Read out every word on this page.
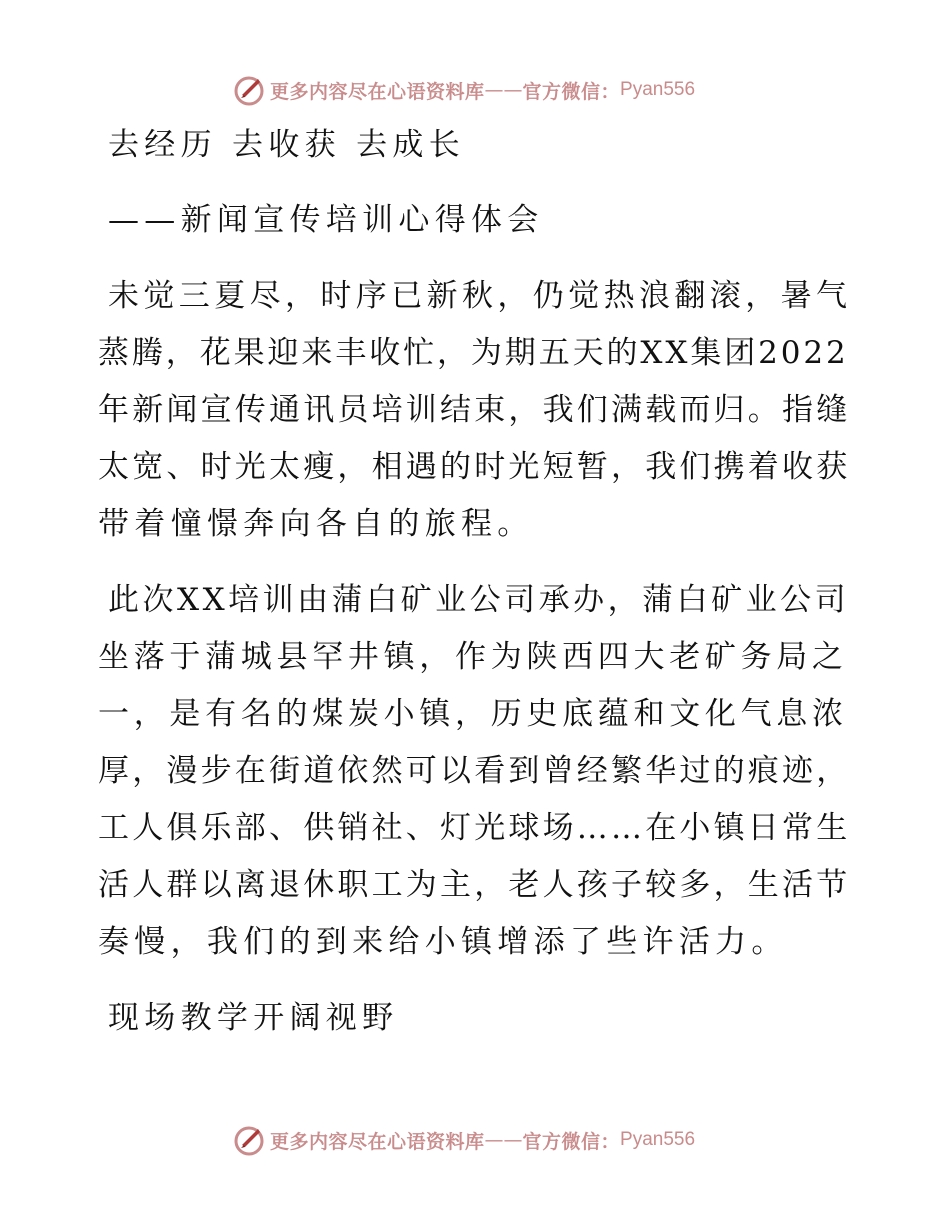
更多内容尽在心语资料库 —— 官方微信： Pyan556
去经历 去收获 去成长
——新闻宣传培训心得体会
未觉三夏尽，时序已新秋，仍觉热浪翻滚，暑气
蒸腾，花果迎来丰收忙，为期五天的XX集团2022
年新闻宣传通讯员培训结束，我们满载而归。指缝
太宽、时光太瘦，相遇的时光短暂，我们携着收获
带着憧憬奔向各自的旅程。
此次XX培训由蒲白矿业公司承办，蒲白矿业公司
坐落于蒲城县罕井镇，作为陕西四大老矿务局之
一，是有名的煤炭小镇，历史底蕴和文化气息浓
厚，漫步在街道依然可以看到曾经繁华过的痕迹，
工人俱乐部、供销社、灯光球场……在小镇日常生
活人群以离退休职工为主，老人孩子较多，生活节
奏慢，我们的到来给小镇增添了些许活力。
现场教学开阔视野
更多内容尽在心语资料库 —— 官方微信： Pyan556
